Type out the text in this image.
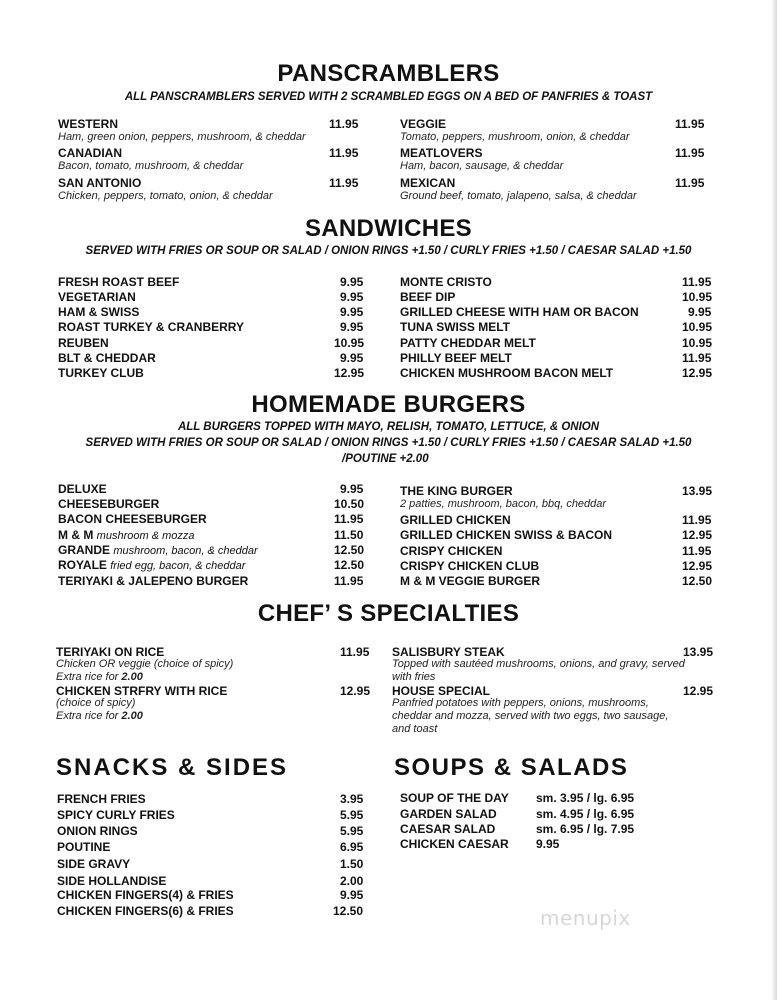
PANSCRAMBLERS
ALL PANSCRAMBLERS SERVED WITH 2 SCRAMBLED EGGS ON A BED OF PANFRIES & TOAST
WESTERN	11.95
Ham, green onion, peppers, mushroom, & cheddar
CANADIAN	11.95
Bacon, tomato, mushroom, & cheddar
SAN ANTONIO	11.95
Chicken, peppers, tomato, onion, & cheddar
VEGGIE	11.95
Tomato, peppers, mushroom, onion, & cheddar
MEATLOVERS	11.95
Ham, bacon, sausage, & cheddar
MEXICAN	11.95
Ground beef, tomato, jalapeno, salsa, & cheddar
SANDWICHES
SERVED WITH FRIES OR SOUP OR SALAD / ONION RINGS +1.50 / CURLY FRIES +1.50 / CAESAR SALAD +1.50
FRESH ROAST BEEF	9.95
VEGETARIAN	9.95
HAM & SWISS	9.95
ROAST TURKEY & CRANBERRY	9.95
REUBEN	10.95
BLT & CHEDDAR	9.95
TURKEY CLUB	12.95
MONTE CRISTO	11.95
BEEF DIP	10.95
GRILLED CHEESE WITH HAM OR BACON	9.95
TUNA SWISS MELT	10.95
PATTY CHEDDAR MELT	10.95
PHILLY BEEF MELT	11.95
CHICKEN MUSHROOM BACON MELT	12.95
HOMEMADE BURGERS
ALL BURGERS TOPPED WITH MAYO, RELISH, TOMATO, LETTUCE, & ONION
SERVED WITH FRIES OR SOUP OR SALAD / ONION RINGS +1.50 / CURLY FRIES +1.50 / CAESAR SALAD +1.50
/POUTINE +2.00
DELUXE	9.95
CHEESEBURGER	10.50
BACON CHEESEBURGER	11.95
M & M mushroom & mozza	11.50
GRANDE mushroom, bacon, & cheddar	12.50
ROYALE fried egg, bacon, & cheddar	12.50
TERIYAKI & JALEPENO BURGER	11.95
THE KING BURGER	13.95
2 patties, mushroom, bacon, bbq, cheddar
GRILLED CHICKEN	11.95
GRILLED CHICKEN SWISS & BACON	12.95
CRISPY CHICKEN	11.95
CRISPY CHICKEN CLUB	12.95
M & M VEGGIE BURGER	12.50
CHEF’ S SPECIALTIES
TERIYAKI ON RICE	11.95
Chicken OR veggie (choice of spicy)
Extra rice for 2.00
CHICKEN STRFRY WITH RICE	12.95
(choice of spicy)
Extra rice for 2.00
SALISBURY STEAK	13.95
Topped with sautéed mushrooms, onions, and gravy, served
with fries
HOUSE SPECIAL	12.95
Panfried potatoes with peppers, onions, mushrooms,
cheddar and mozza, served with two eggs, two sausage,
and toast
SNACKS & SIDES
FRENCH FRIES	3.95
SPICY CURLY FRIES	5.95
ONION RINGS	5.95
POUTINE	6.95
SIDE GRAVY	1.50
SIDE HOLLANDISE	2.00
CHICKEN FINGERS(4) & FRIES	9.95
CHICKEN FINGERS(6) & FRIES	12.50
SOUPS & SALADS
SOUP OF THE DAY sm. 3.95 / lg. 6.95
GARDEN SALAD	sm. 4.95 / lg. 6.95
CAESAR SALAD	sm. 6.95 / lg. 7.95
CHICKEN CAESAR 9.95
menupix
